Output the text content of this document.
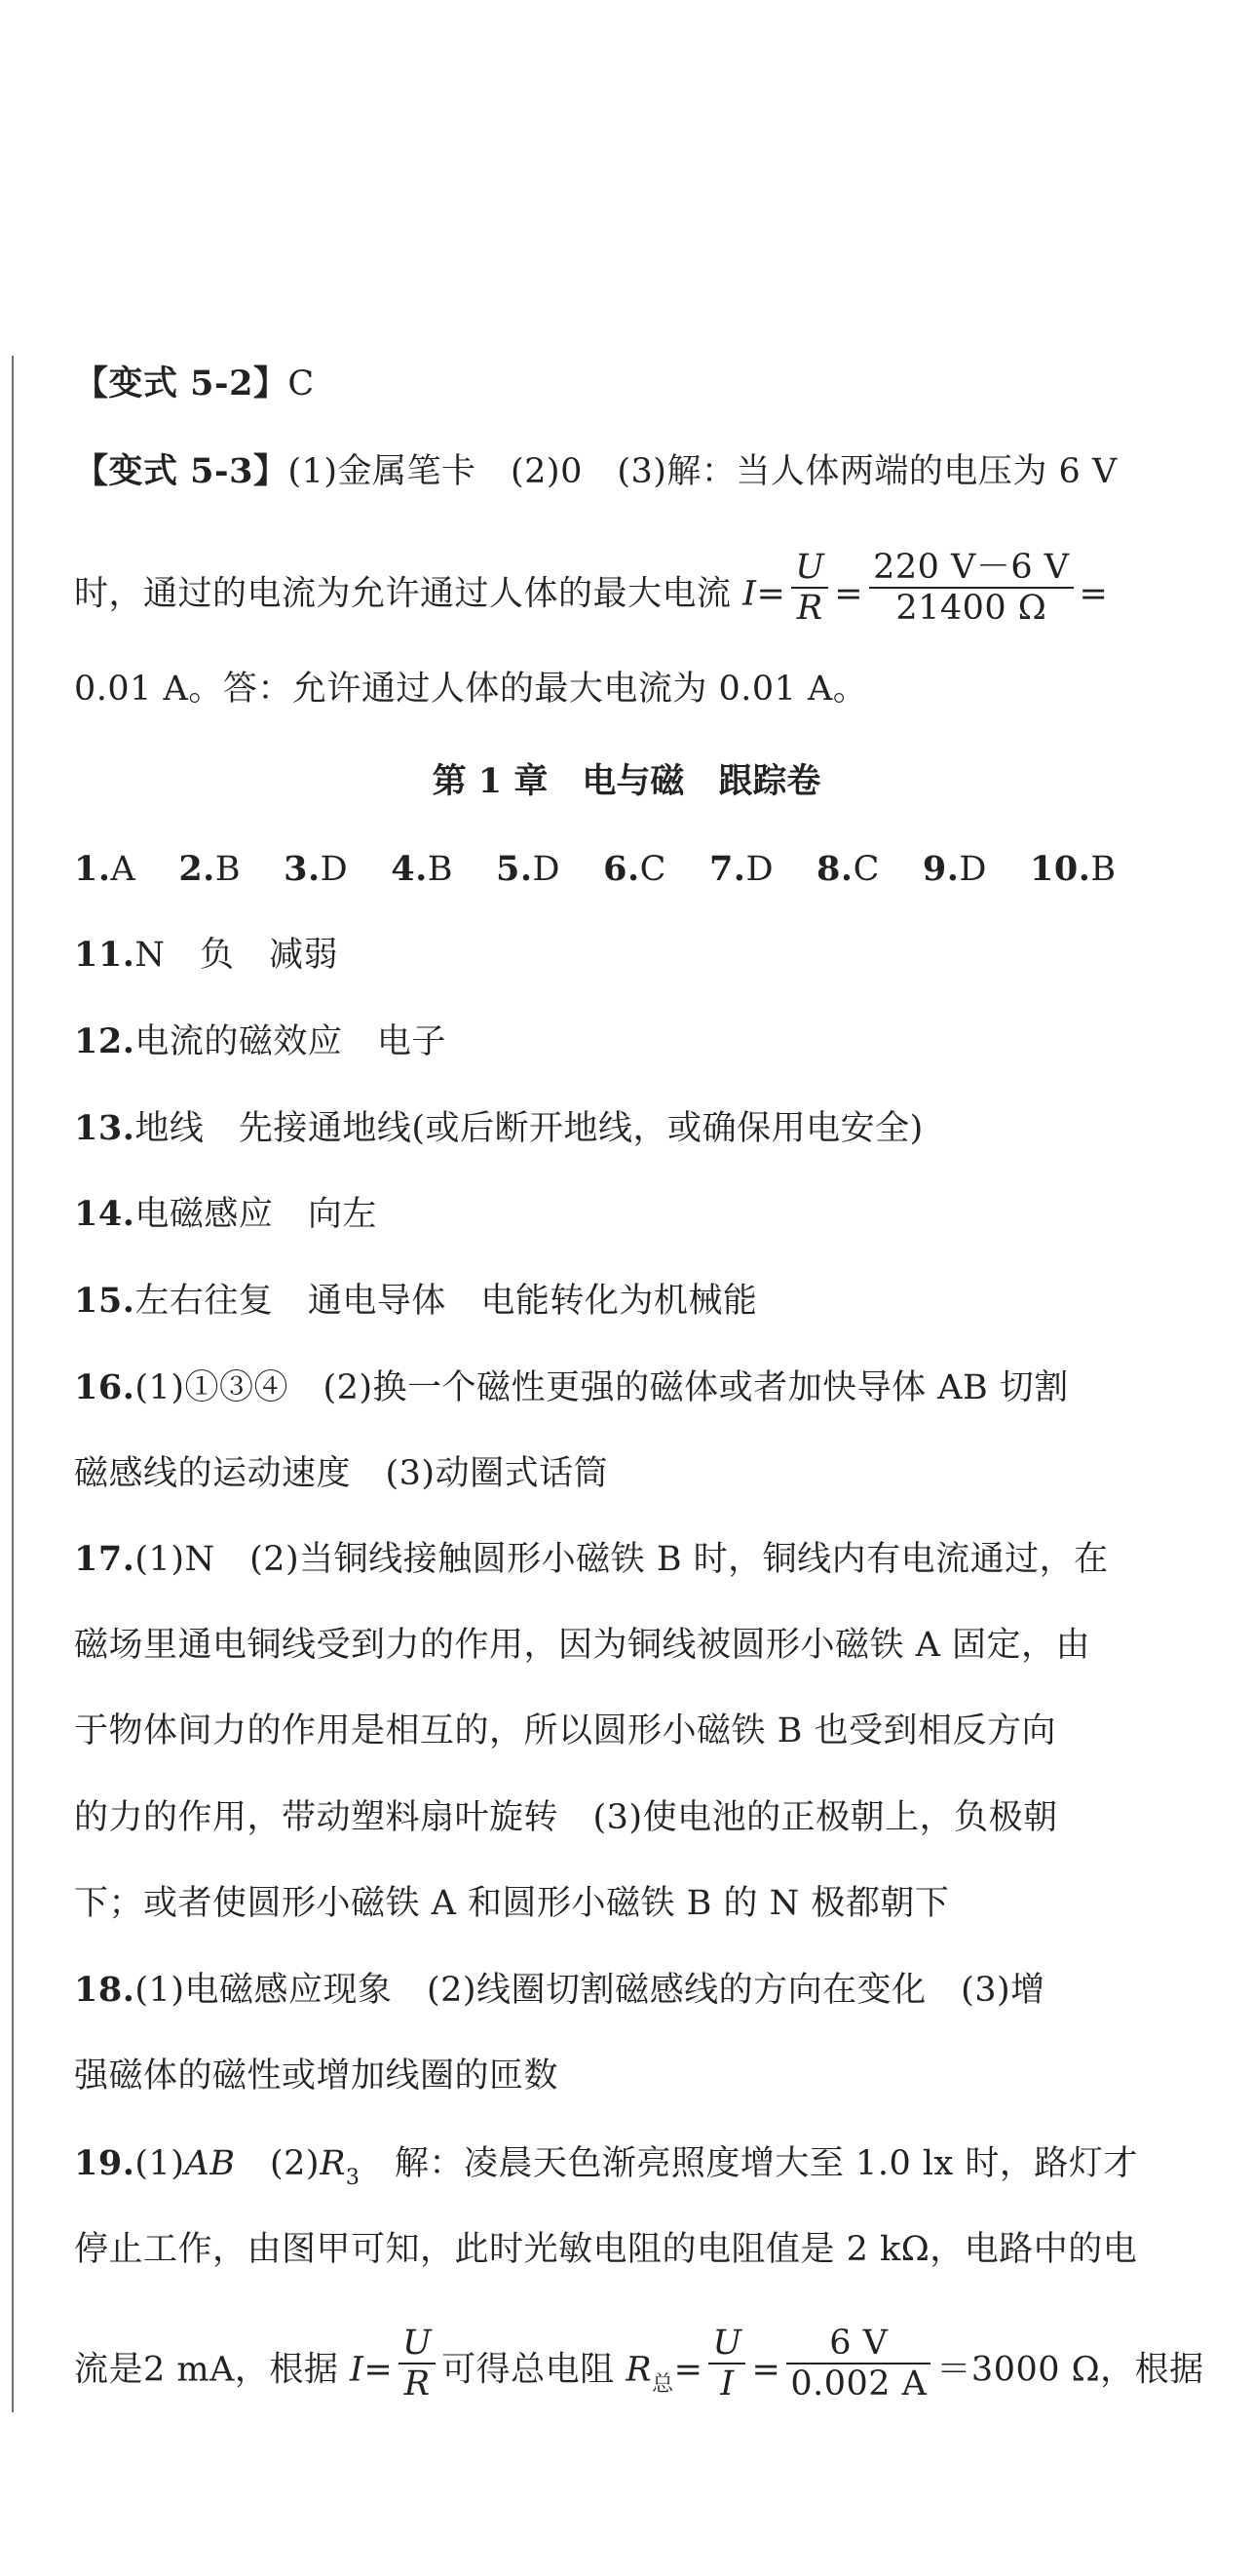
【变式 5-2】C
【变式 5-3】(1)金属笔卡　(2)0　(3)解：当人体两端的电压为 6 V
时，通过的电流为允许通过人体的最大电流 $I= \frac{U}{R} = \frac{220 V-6 V}{21400 \Omega}$ =
0.01 A。答：允许通过人体的最大电流为 0.01 A。
第 1 章　电与磁　跟踪卷
1.A 2.B 3.D 4.B 5.D 6.C 7.D 8.C 9.D 10.B
11.N　负　减弱
12.电流的磁效应　电子
13.地线　先接通地线(或后断开地线，或确保用电安全)
14.电磁感应　向左
15.左右往复　通电导体　电能转化为机械能
16.(1)①③④　(2)换一个磁性更强的磁体或者加快导体 AB 切割
磁感线的运动速度　(3)动圈式话筒
17.(1)N　(2)当铜线接触圆形小磁铁 B 时，铜线内有电流通过，在
磁场里通电铜线受到力的作用，因为铜线被圆形小磁铁 A 固定，由
于物体间力的作用是相互的，所以圆形小磁铁 B 也受到相反方向
的力的作用，带动塑料扇叶旋转　(3)使电池的正极朝上，负极朝
下；或者使圆形小磁铁 A 和圆形小磁铁 B 的 N 极都朝下
18.(1)电磁感应现象　(2)线圈切割磁感线的方向在变化　(3)增
强磁体的磁性或增加线圈的匝数
19.(1)AB　$(2)R_3$　解：凌晨天色渐亮照度增大至 1.0 lx 时，路灯才
停止工作，由图甲可知，此时光敏电阻的电阻值是 2 kΩ，电路中的电
流是2 mA，根据 $I= \frac{U}{R}$ 可得总电阻 $R_总= \frac{U}{I} = \frac{6 V}{0.002 A} =3000$ Ω，根据
